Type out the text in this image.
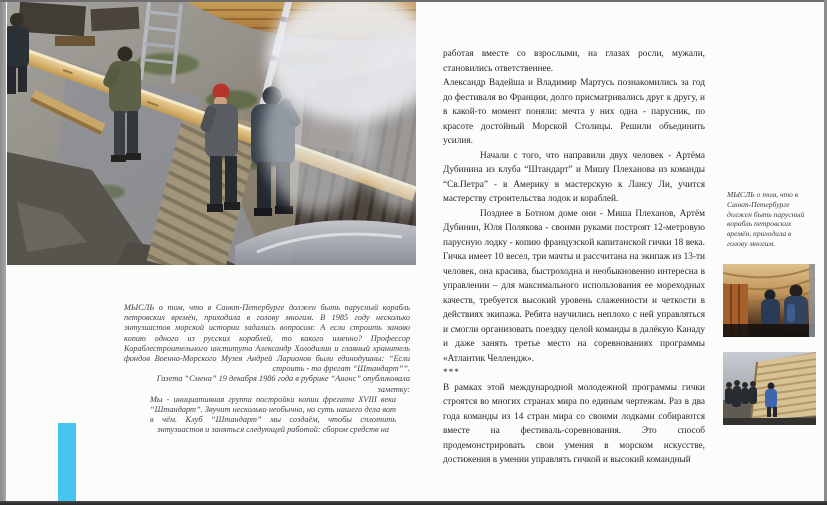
МЫСЛЬ о том, что в Санкт-Петербурге должен быть парусный корабль петровских времён, приходила в голову многим. В 1985 году несколько энтузиастов морской истории задались вопросом: А если строить заново копию одного из русских кораблей, то какого именно? Профессор Кораблестроительного института Александр Холодилин и главный хранитель фондов Военно-Морского Музея Андрей Ларионов были единодушны: “Если строить - то фрегат “Штандарт””.

Газета “Смена” 19 декабря 1986 года в рубрике “Анонс” опубликовала заметку:

Мы - инициативная группа постройки копии фрегата XVIII века “Штандарт”. Звучит несколько необычно, но суть нашего дела вот в чём. Клуб “Штандарт” мы создаём, чтобы сплотить энтузиастов и заняться следующей работой: сбором средств на

работая вместе со взрослыми, на глазах росли, мужали, становились ответственнее.

Александр Вадейша и Владимир Мартусь познакомились за год до фестиваля во Франции, долго присматривались друг к другу, и в какой-то момент поняли: мечта у них одна - парусник, по красоте достойный Морской Столицы. Решили объединить усилия.

Начали с того, что направили двух человек - Артёма Дубинина из клуба “Штандарт” и Мишу Плеханова из команды “Св.Петра” - в Америку в мастерскую к Лансу Ли, учится мастерству строительства лодок и кораблей.

Позднее в Ботном доме они - Миша Плеханов, Артём Дубинин, Юля Полякова - своими руками построят 12-метровую парусную лодку - копию французской капитанской гички 18 века. Гичка имеет 10 весел, три мачты и рассчитана на экипаж из 13-ти человек, она красива, быстроходна и необыкновенно интересна в управлении – для максимального использования ее мореходных качеств, требуется высокий уровень слаженности и четкости в действиях экипажа. Ребята научились неплохо с ней управляться и смогли организовать поездку целой команды в далёкую Канаду и даже занять третье место на соревнованиях программы «Атлантик Челлендж».

***

В рамках этой международной молодежной программы гички строятся во многих странах мира по единым чертежам. Раз в два года команды из 14 стран мира со своими лодками собираются вместе на фестиваль-соревнования. Это способ продемонстрировать свои умения в морском искусстве, достижения в умении управлять гичкой и высокий командный

МЫСЛЬ о том, что в Санкт-Петербурге должен быть парусный корабль петровских времён, приходила в голову многим.
